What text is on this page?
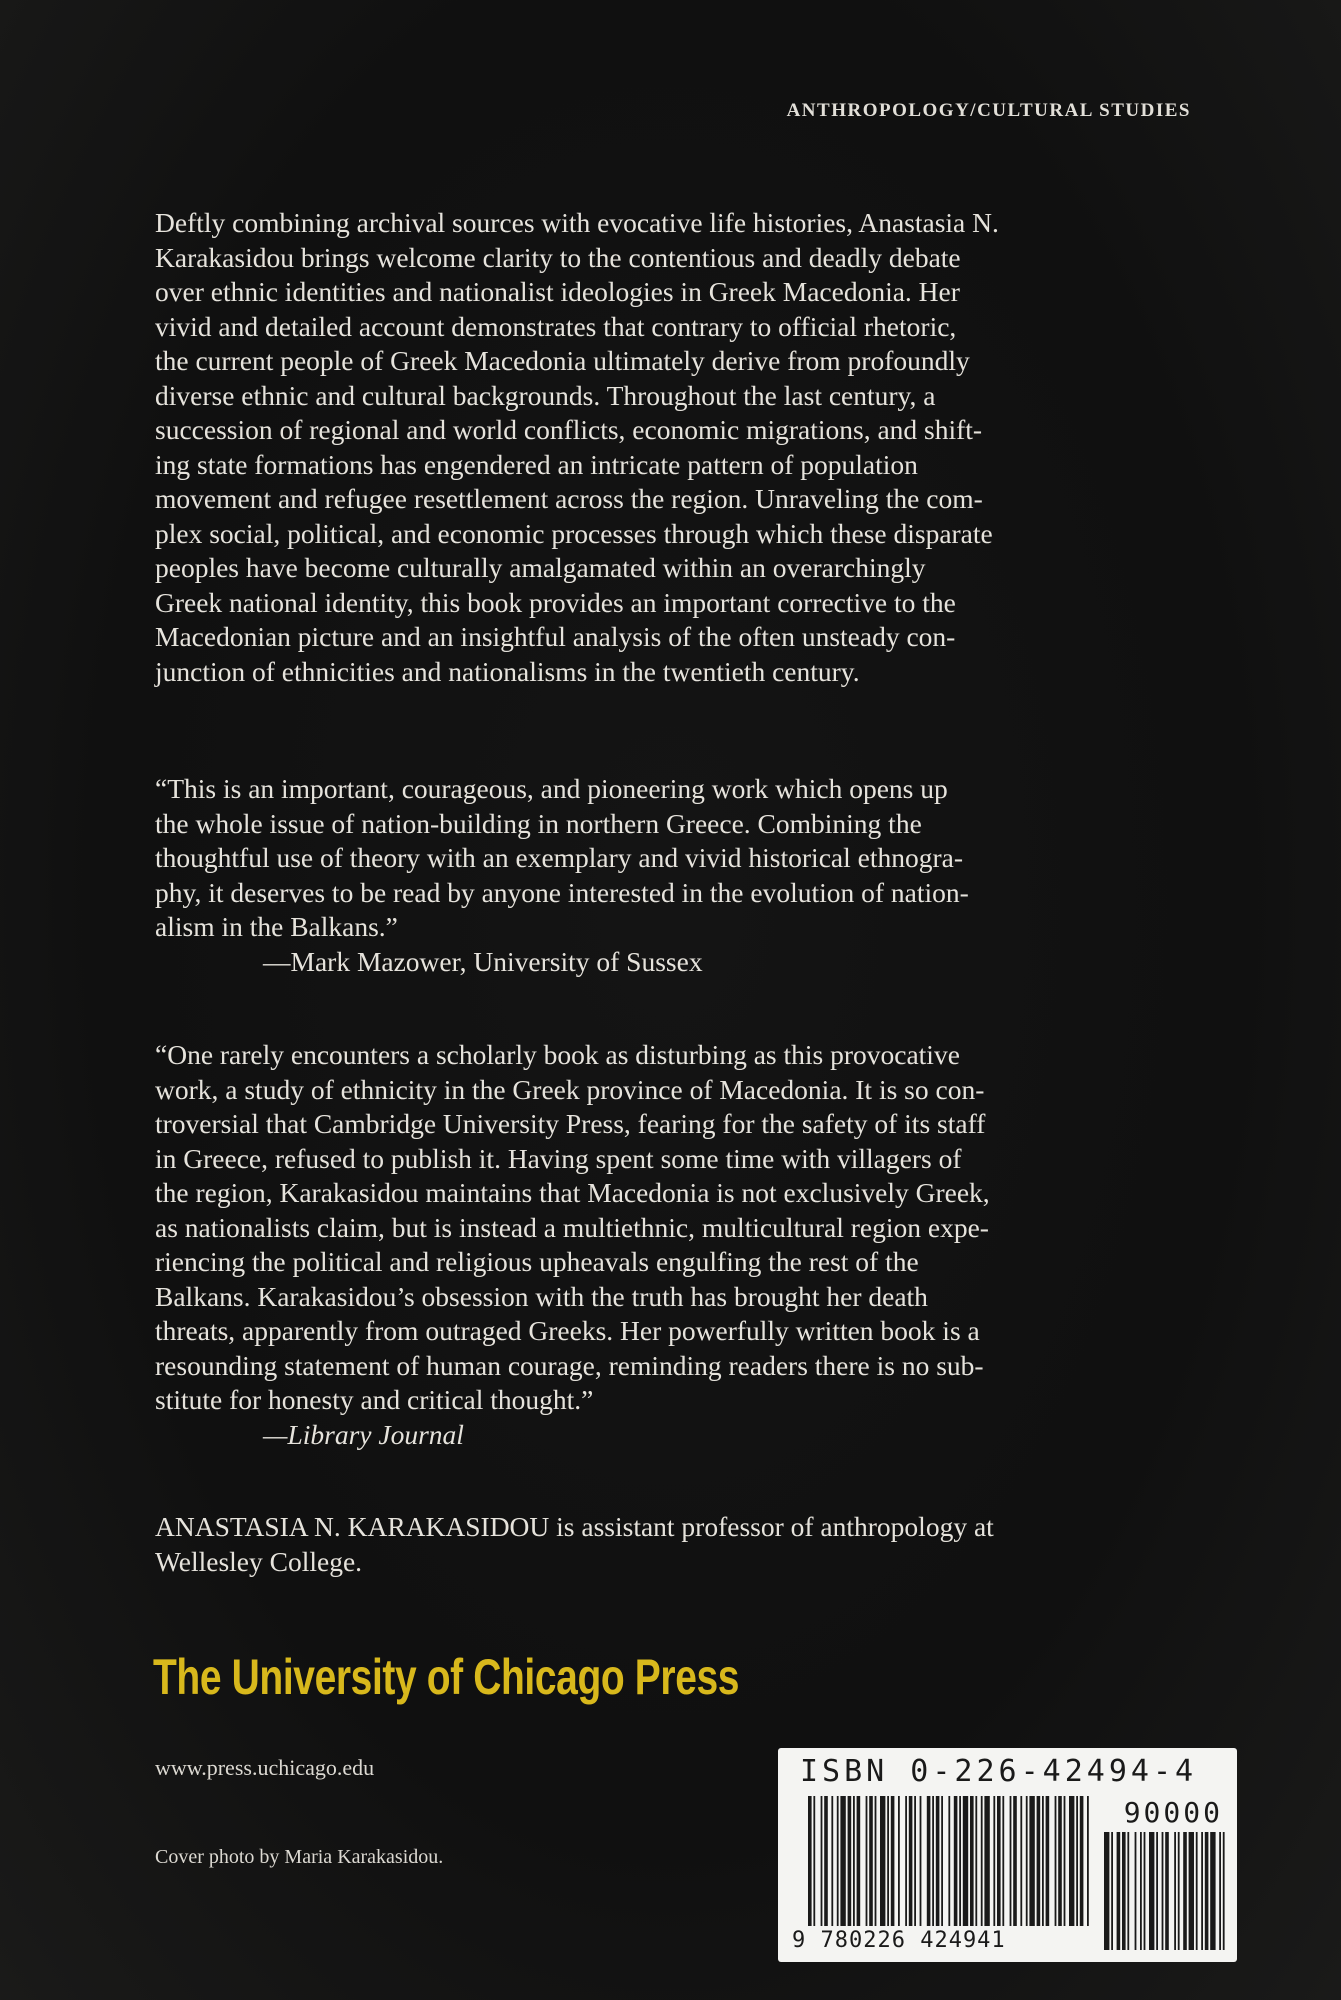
ANTHROPOLOGY/CULTURAL STUDIES

Deftly combining archival sources with evocative life histories, Anastasia N.
Karakasidou brings welcome clarity to the contentious and deadly debate
over ethnic identities and nationalist ideologies in Greek Macedonia. Her
vivid and detailed account demonstrates that contrary to official rhetoric,
the current people of Greek Macedonia ultimately derive from profoundly
diverse ethnic and cultural backgrounds. Throughout the last century, a
succession of regional and world conflicts, economic migrations, and shift-
ing state formations has engendered an intricate pattern of population
movement and refugee resettlement across the region. Unraveling the com-
plex social, political, and economic processes through which these disparate
peoples have become culturally amalgamated within an overarchingly
Greek national identity, this book provides an important corrective to the
Macedonian picture and an insightful analysis of the often unsteady con-
junction of ethnicities and nationalisms in the twentieth century.

“This is an important, courageous, and pioneering work which opens up
the whole issue of nation-building in northern Greece. Combining the
thoughtful use of theory with an exemplary and vivid historical ethnogra-
phy, it deserves to be read by anyone interested in the evolution of nation-
alism in the Balkans.”

—Mark Mazower, University of Sussex

“One rarely encounters a scholarly book as disturbing as this provocative
work, a study of ethnicity in the Greek province of Macedonia. It is so con-
troversial that Cambridge University Press, fearing for the safety of its staff
in Greece, refused to publish it. Having spent some time with villagers of
the region, Karakasidou maintains that Macedonia is not exclusively Greek,
as nationalists claim, but is instead a multiethnic, multicultural region expe-
riencing the political and religious upheavals engulfing the rest of the
Balkans. Karakasidou’s obsession with the truth has brought her death
threats, apparently from outraged Greeks. Her powerfully written book is a
resounding statement of human courage, reminding readers there is no sub-
stitute for honesty and critical thought.”

—Library Journal

ANASTASIA N. KARAKASIDOU is assistant professor of anthropology at
Wellesley College.

The University of Chicago Press
www.press.uchicago.edu
Cover photo by Maria Karakasidou.
ISBN 0-226-42494-4
90000
9 780226 424941
